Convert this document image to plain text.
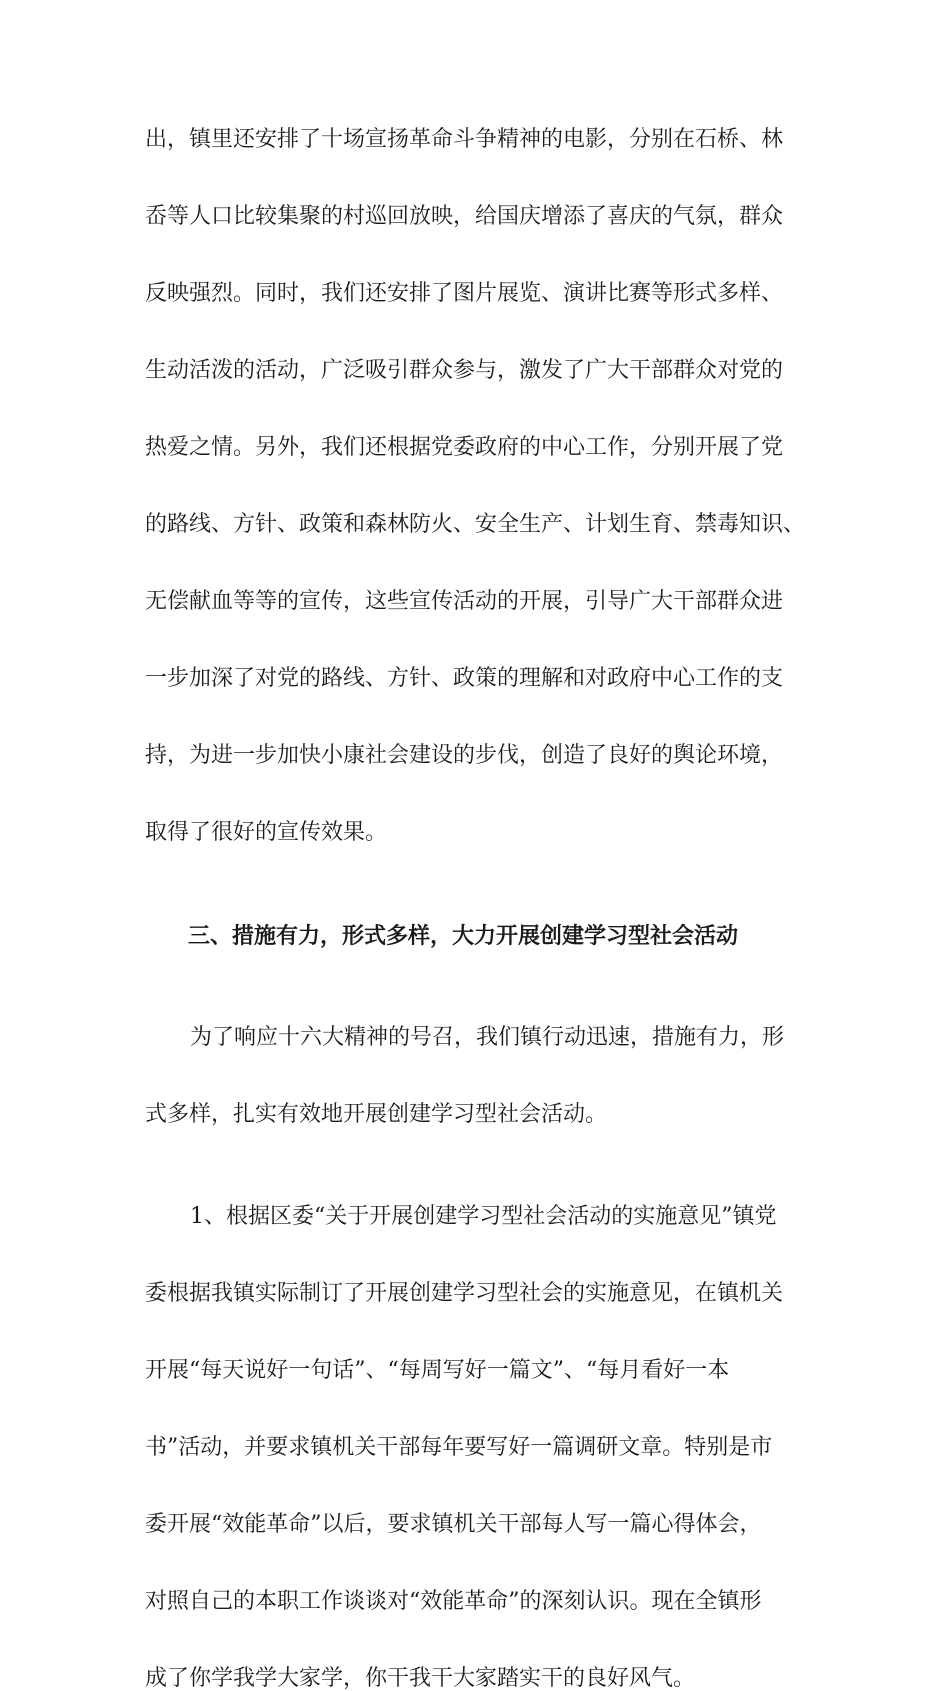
出，镇里还安排了十场宣扬革命斗争精神的电影，分别在石桥、林
岙等人口比较集聚的村巡回放映，给国庆增添了喜庆的气氛，群众
反映强烈。同时，我们还安排了图片展览、演讲比赛等形式多样、
生动活泼的活动，广泛吸引群众参与，激发了广大干部群众对党的
热爱之情。另外，我们还根据党委政府的中心工作，分别开展了党
的路线、方针、政策和森林防火、安全生产、计划生育、禁毒知识、
无偿献血等等的宣传，这些宣传活动的开展，引导广大干部群众进
一步加深了对党的路线、方针、政策的理解和对政府中心工作的支
持，为进一步加快小康社会建设的步伐，创造了良好的舆论环境，
取得了很好的宣传效果。
三、措施有力，形式多样，大力开展创建学习型社会活动
为了响应十六大精神的号召，我们镇行动迅速，措施有力，形
式多样，扎实有效地开展创建学习型社会活动。
1、根据区委“关于开展创建学习型社会活动的实施意见”镇党
委根据我镇实际制订了开展创建学习型社会的实施意见，在镇机关
开展“每天说好一句话”、“每周写好一篇文”、“每月看好一本
书”活动，并要求镇机关干部每年要写好一篇调研文章。特别是市
委开展“效能革命”以后，要求镇机关干部每人写一篇心得体会，
对照自己的本职工作谈谈对“效能革命”的深刻认识。现在全镇形
成了你学我学大家学，你干我干大家踏实干的良好风气。
